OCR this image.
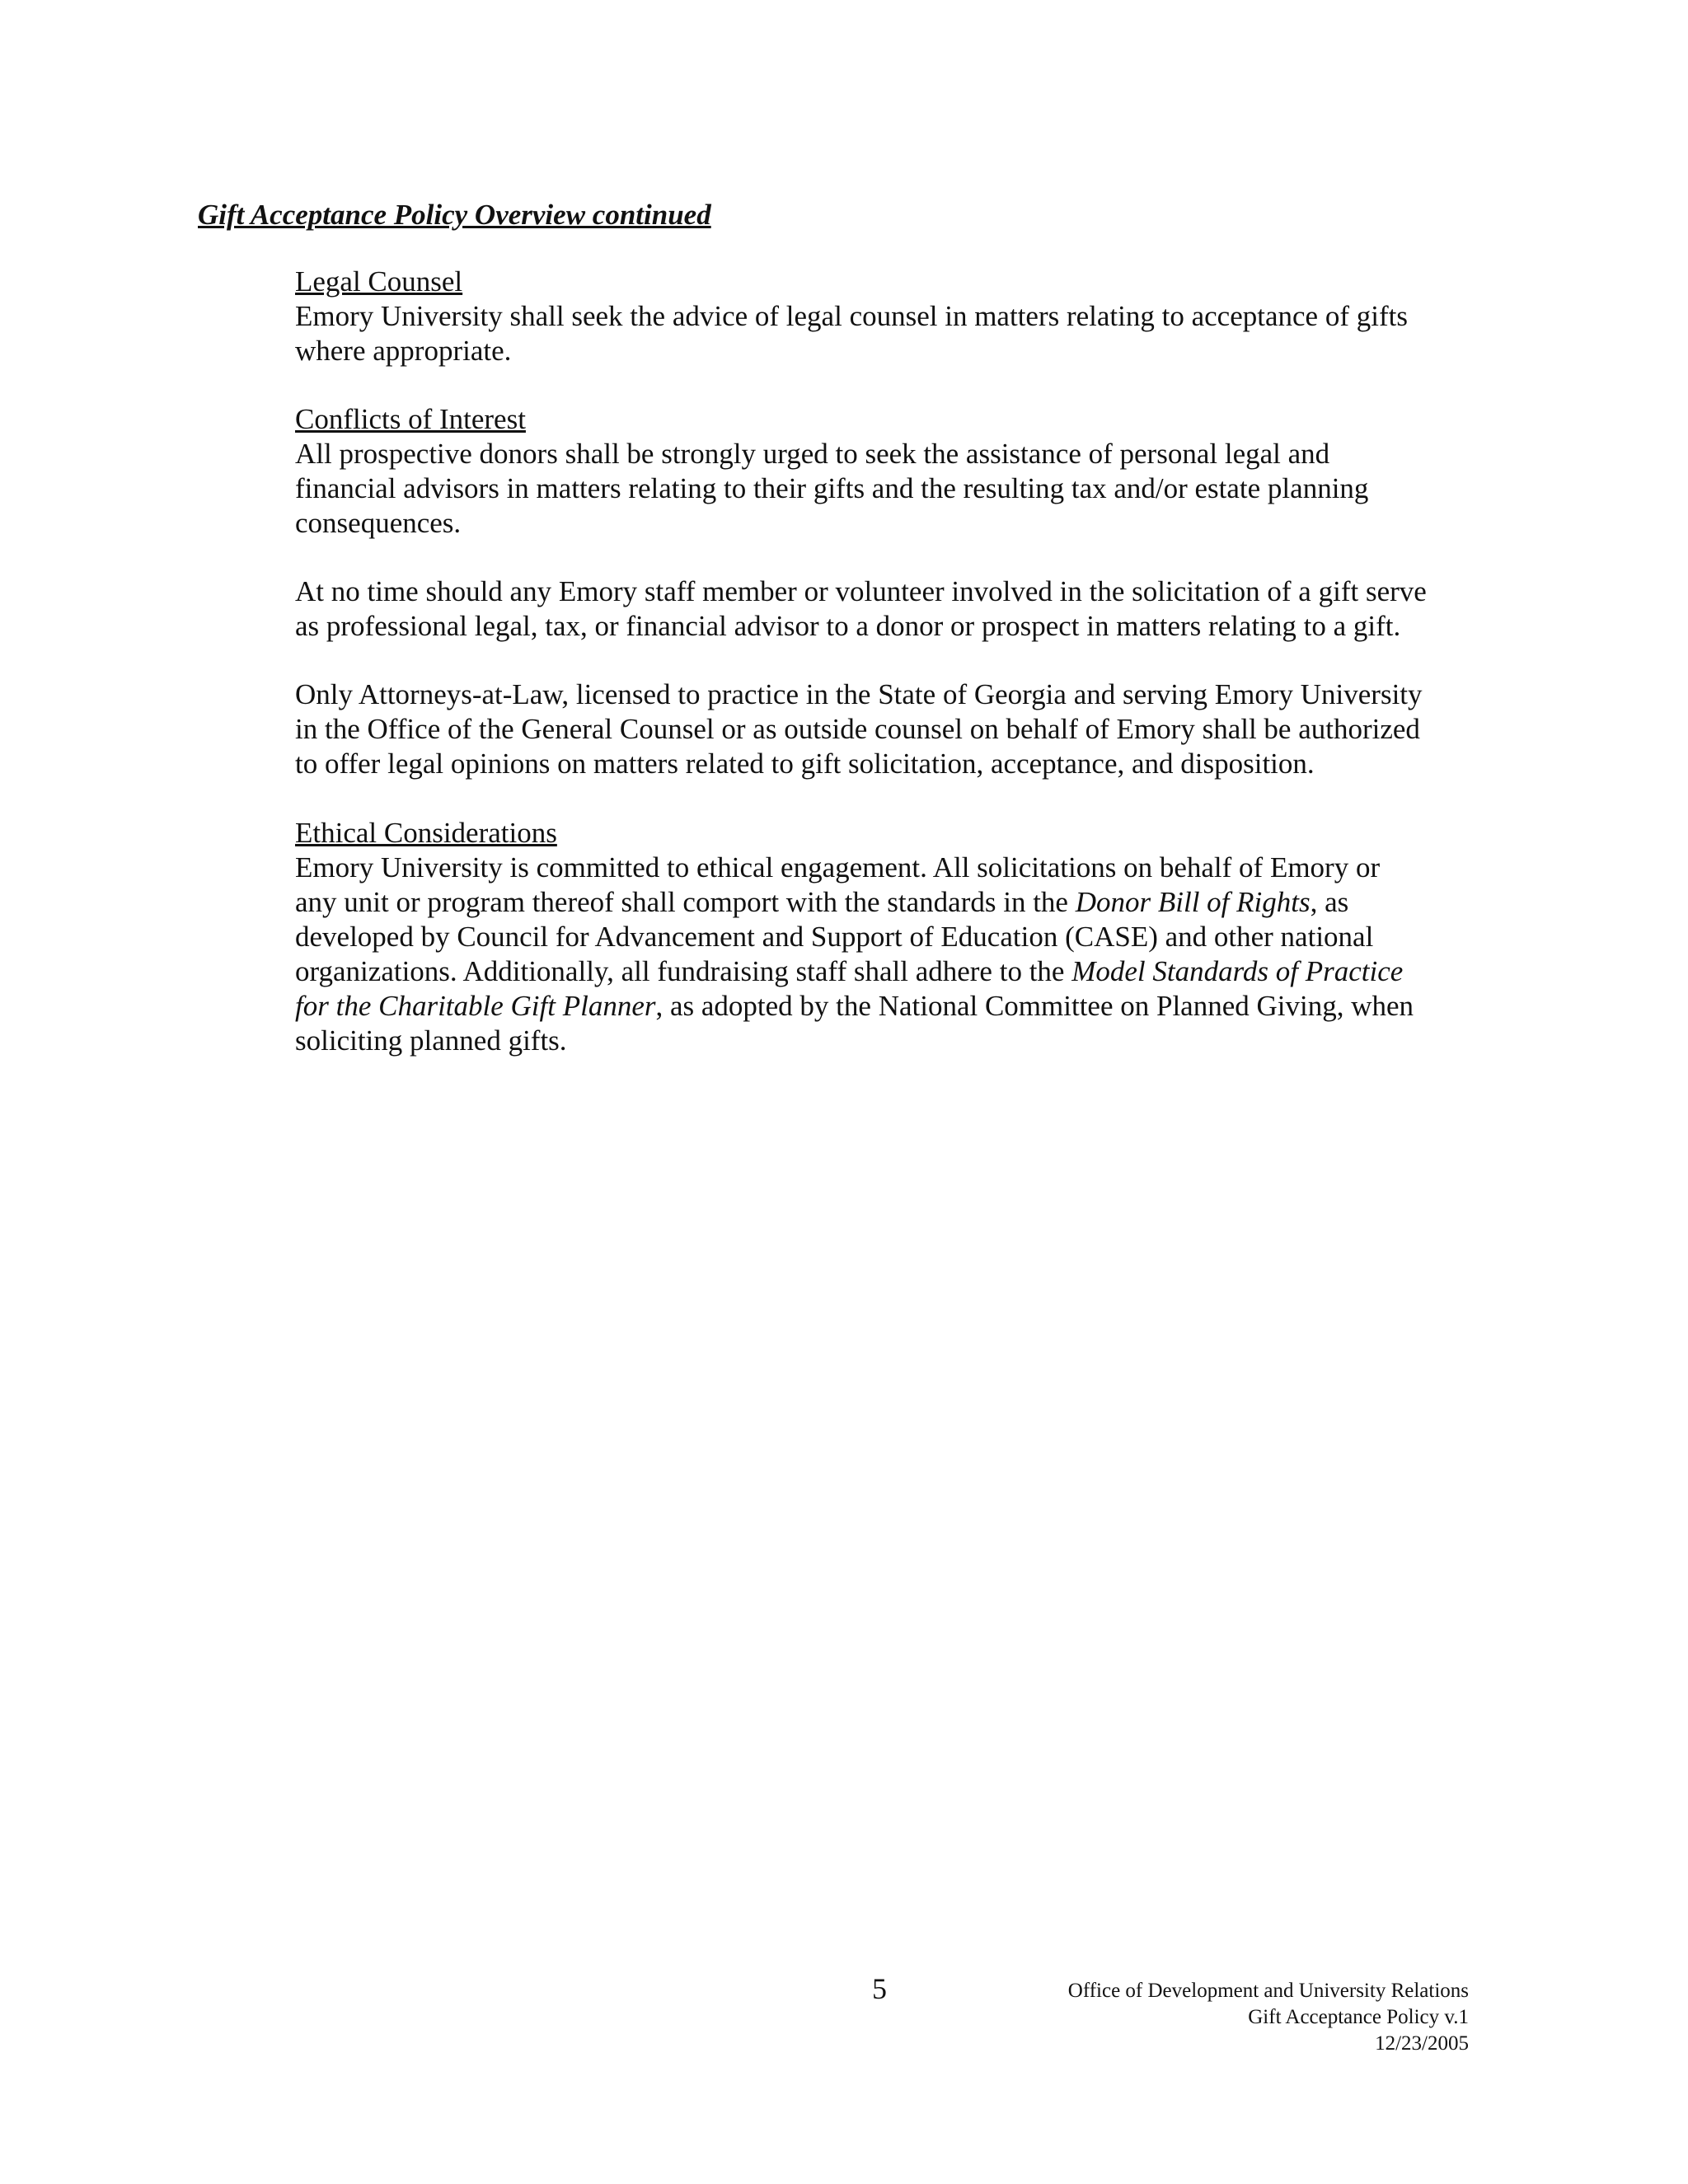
Gift Acceptance Policy Overview continued
Legal Counsel
Emory University shall seek the advice of legal counsel in matters relating to acceptance of gifts
where appropriate.
Conflicts of Interest
All prospective donors shall be strongly urged to seek the assistance of personal legal and
financial advisors in matters relating to their gifts and the resulting tax and/or estate planning
consequences.
At no time should any Emory staff member or volunteer involved in the solicitation of a gift serve
as professional legal, tax, or financial advisor to a donor or prospect in matters relating to a gift.
Only Attorneys-at-Law, licensed to practice in the State of Georgia and serving Emory University
in the Office of the General Counsel or as outside counsel on behalf of Emory shall be authorized
to offer legal opinions on matters related to gift solicitation, acceptance, and disposition.
Ethical Considerations
Emory University is committed to ethical engagement. All solicitations on behalf of Emory or
any unit or program thereof shall comport with the standards in the Donor Bill of Rights, as
developed by Council for Advancement and Support of Education (CASE) and other national
organizations. Additionally, all fundraising staff shall adhere to the Model Standards of Practice
for the Charitable Gift Planner, as adopted by the National Committee on Planned Giving, when
soliciting planned gifts.
5	Office of Development and University Relations
Gift Acceptance Policy v.1
12/23/2005
